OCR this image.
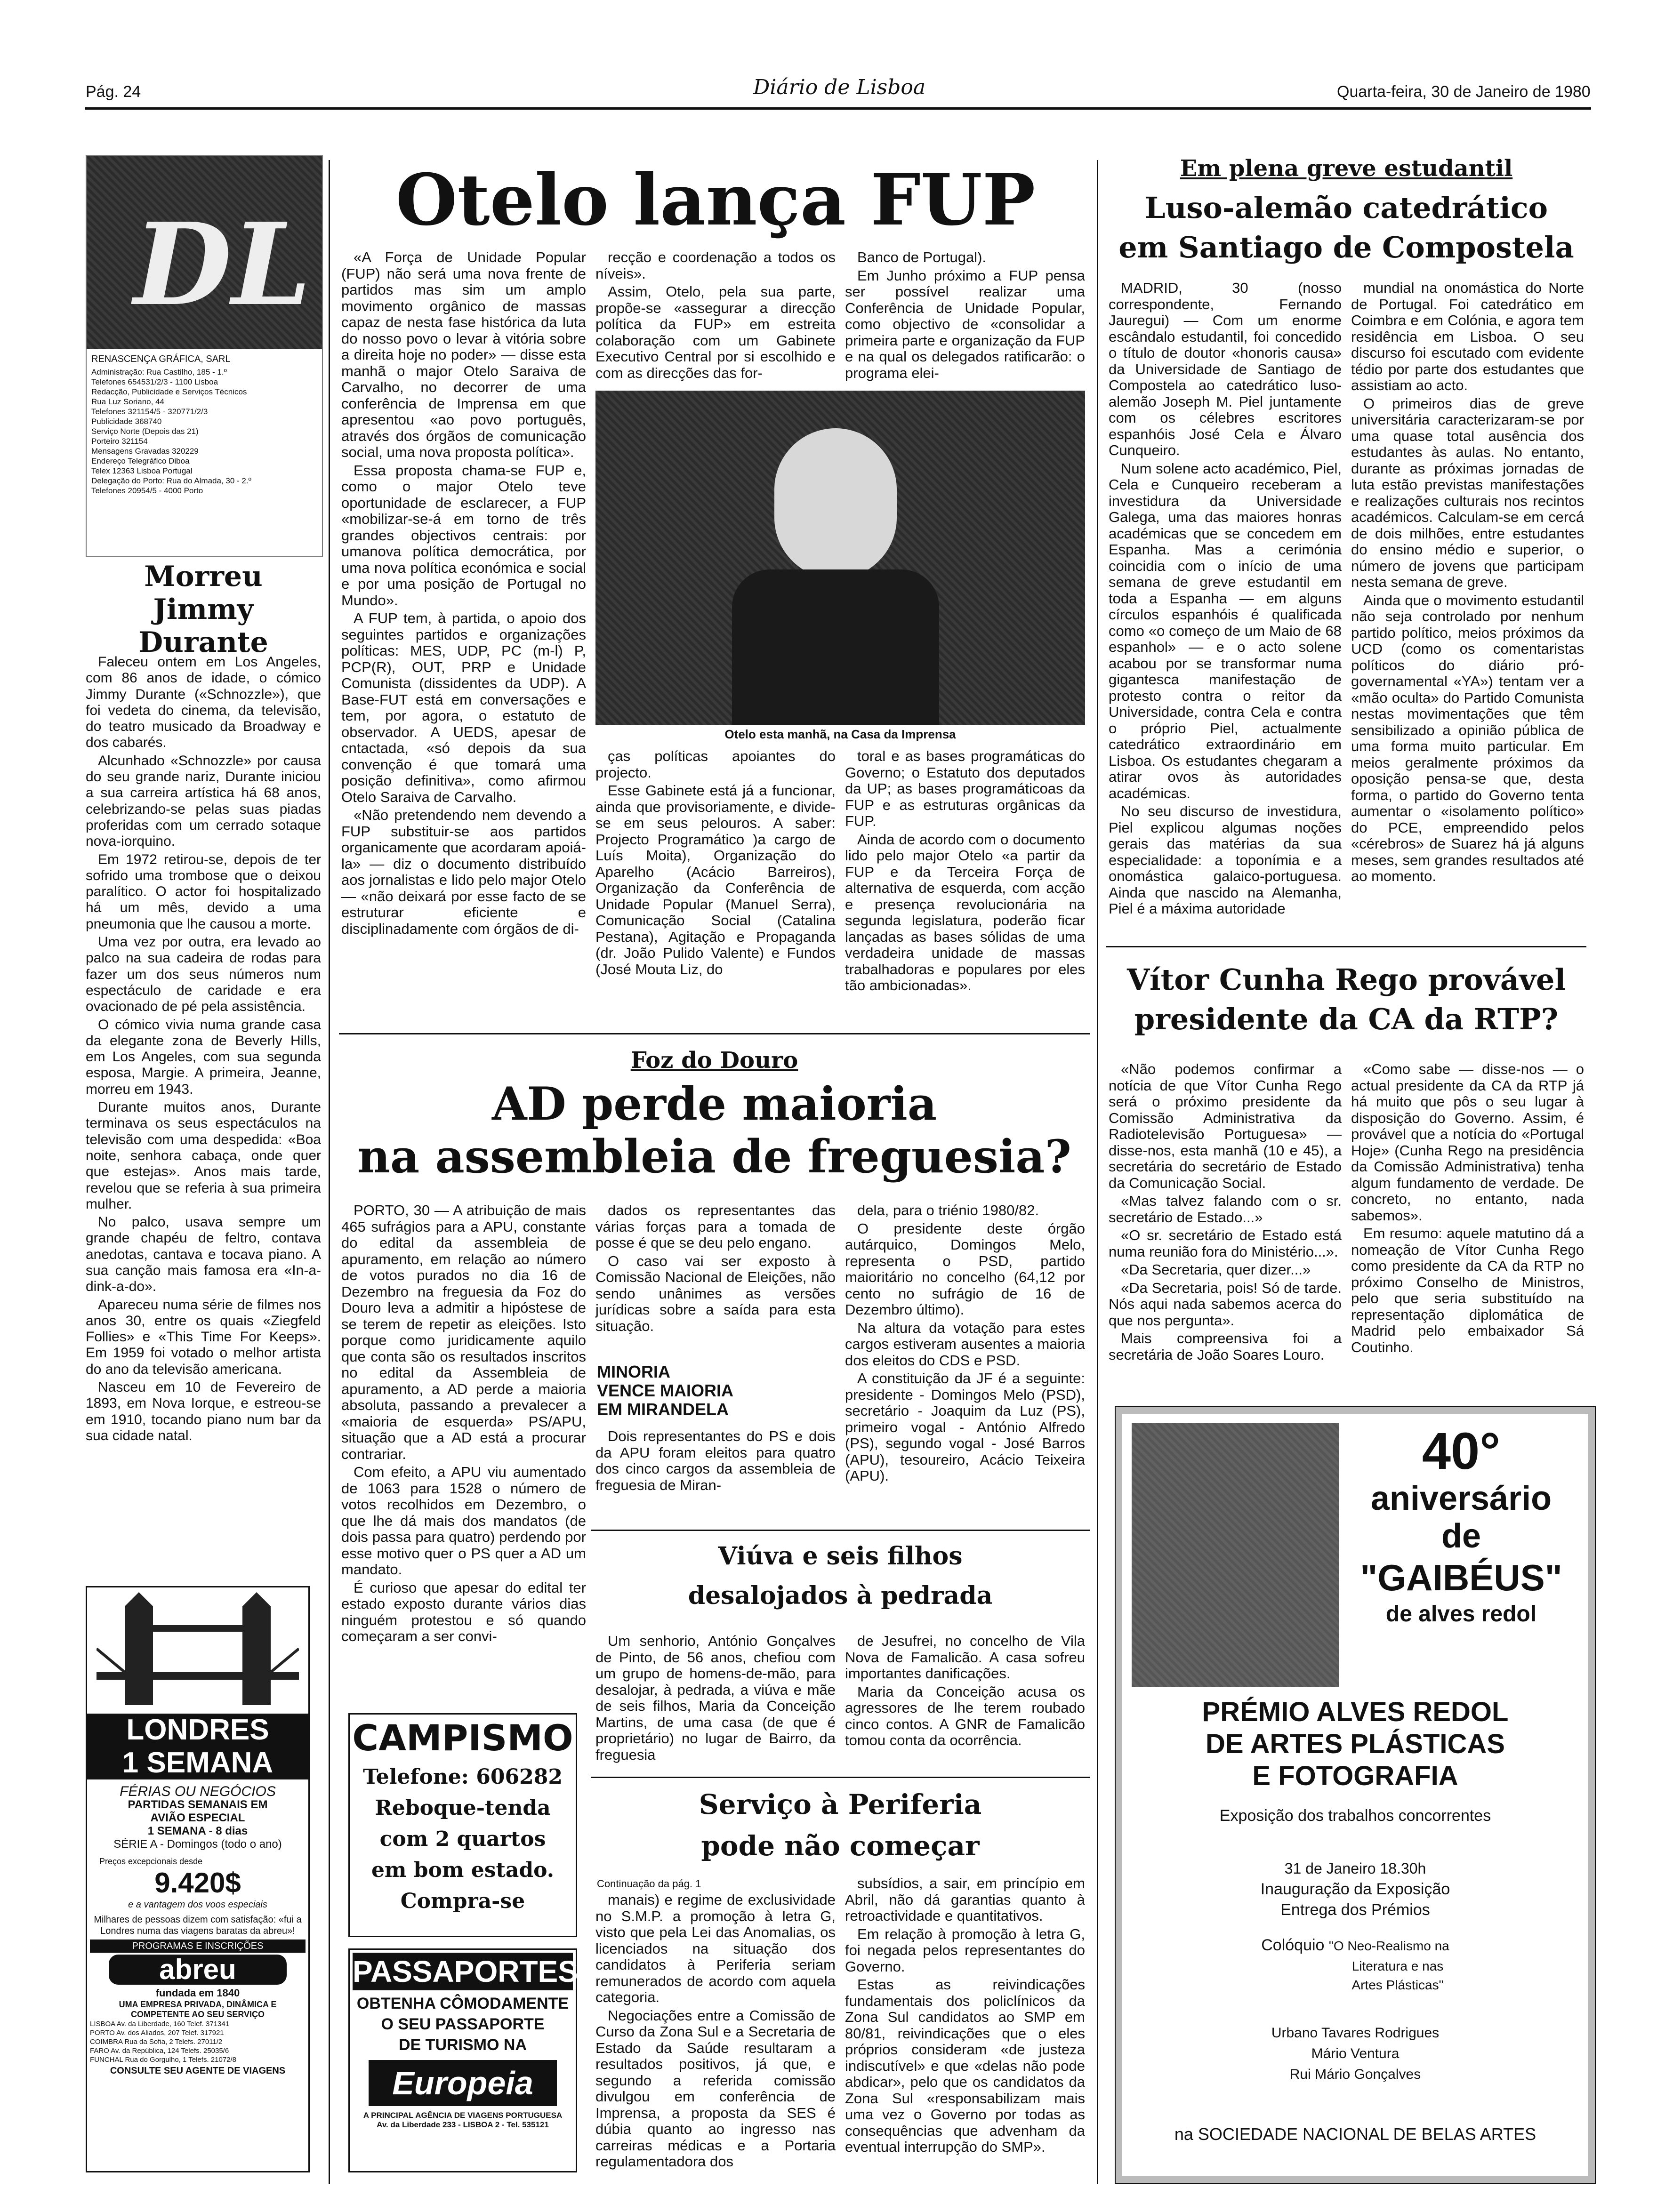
Pág. 24	Diário de Lisboa	Quarta-feira, 30 de Janeiro de 1980
DL
RENASCENÇA GRÁFICA, SARL
Administração: Rua Castilho, 185 - 1.º
Telefones 654531/2/3 - 1100 Lisboa
Redacção, Publicidade e Serviços Técnicos
Rua Luz Soriano, 44
Telefones 321154/5 - 320771/2/3
Publicidade 368740
Serviço Norte (Depois das 21)
Porteiro 321154
Mensagens Gravadas 320229
Endereço Telegráfico Diboa
Telex 12363 Lisboa Portugal
Delegação do Porto: Rua do Almada, 30 - 2.º
Telefones 20954/5 - 4000 Porto
Morreu
Jimmy Durante

Faleceu ontem em Los Angeles, com 86 anos de idade, o cómico Jimmy Durante («Schnozzle»), que foi vedeta do cinema, da televisão, do teatro musicado da Broadway e dos cabarés.

Alcunhado «Schnozzle» por causa do seu grande nariz, Durante iniciou a sua carreira artística há 68 anos, celebrizando-se pelas suas piadas proferidas com um cerrado sotaque nova-iorquino.

Em 1972 retirou-se, depois de ter sofrido uma trombose que o deixou paralítico. O actor foi hospitalizado há um mês, devido a uma pneumonia que lhe causou a morte.

Uma vez por outra, era levado ao palco na sua cadeira de rodas para fazer um dos seus números num espectáculo de caridade e era ovacionado de pé pela assistência.

O cómico vivia numa grande casa da elegante zona de Beverly Hills, em Los Angeles, com sua segunda esposa, Margie. A primeira, Jeanne, morreu em 1943.

Durante muitos anos, Durante terminava os seus espectáculos na televisão com uma despedida: «Boa noite, senhora cabaça, onde quer que estejas». Anos mais tarde, revelou que se referia à sua primeira mulher.

No palco, usava sempre um grande chapéu de feltro, contava anedotas, cantava e tocava piano. A sua canção mais famosa era «In-a-dink-a-do».

Apareceu numa série de filmes nos anos 30, entre os quais «Ziegfeld Follies» e «This Time For Keeps». Em 1959 foi votado o melhor artista do ano da televisão americana.

Nasceu em 10 de Fevereiro de 1893, em Nova Iorque, e estreou-se em 1910, tocando piano num bar da sua cidade natal.

LONDRES
1 SEMANA
FÉRIAS OU NEGÓCIOS
PARTIDAS SEMANAIS EM
AVIÃO ESPECIAL
1 SEMANA - 8 dias
SÉRIE A - Domingos (todo o ano)
Preços excepcionais desde
9.420$
e a vantagem dos voos especiais
Milhares de pessoas dizem com satisfação: «fui a Londres numa das viagens baratas da abreu»!
PROGRAMAS E INSCRIÇÕES
abreu
fundada em 1840
UMA EMPRESA PRIVADA, DINÂMICA E COMPETENTE AO SEU SERVIÇO
LISBOA Av. da Liberdade, 160 Telef. 371341
PORTO Av. dos Aliados, 207 Telef. 317921
COIMBRA Rua da Sofia, 2 Telefs. 27011/2
FARO Av. da República, 124 Telefs. 25035/6
FUNCHAL Rua do Gorgulho, 1 Telefs. 21072/8
CONSULTE SEU AGENTE DE VIAGENS
Otelo lança FUP

«A Força de Unidade Popular (FUP) não será uma nova frente de partidos mas sim um amplo movimento orgânico de massas capaz de nesta fase histórica da luta do nosso povo o levar à vitória sobre a direita hoje no poder» — disse esta manhã o major Otelo Saraiva de Carvalho, no decorrer de uma conferência de Imprensa em que apresentou «ao povo português, através dos órgãos de comunicação social, uma nova proposta política».

Essa proposta chama-se FUP e, como o major Otelo teve oportunidade de esclarecer, a FUP «mobilizar-se-á em torno de três grandes objectivos centrais: por umanova política democrática, por uma nova política económica e social e por uma posição de Portugal no Mundo».

A FUP tem, à partida, o apoio dos seguintes partidos e organizações políticas: MES, UDP, PC (m-l) P, PCP(R), OUT, PRP e Unidade Comunista (dissidentes da UDP). A Base-FUT está em conversações e tem, por agora, o estatuto de observador. A UEDS, apesar de cntactada, «só depois da sua convenção é que tomará uma posição definitiva», como afirmou Otelo Saraiva de Carvalho.

«Não pretendendo nem devendo a FUP substituir-se aos partidos organicamente que acordaram apoiá-la» — diz o documento distribuído aos jornalistas e lido pelo major Otelo — «não deixará por esse facto de se estruturar eficiente e disciplinadamente com órgãos de di-

recção e coordenação a todos os níveis».

Assim, Otelo, pela sua parte, propõe-se «assegurar a direcção política da FUP» em estreita colaboração com um Gabinete Executivo Central por si escolhido e com as direcções das for-

Banco de Portugal).

Em Junho próximo a FUP pensa ser possível realizar uma Conferência de Unidade Popular, como objectivo de «consolidar a primeira parte e organização da FUP e na qual os delegados ratificarão: o programa elei-

Otelo esta manhã, na Casa da Imprensa

ças políticas apoiantes do projecto.

Esse Gabinete está já a funcionar, ainda que provisoriamente, e divide-se em seus pelouros. A saber: Projecto Programático )a cargo de Luís Moita), Organização do Aparelho (Acácio Barreiros), Organização da Conferência de Unidade Popular (Manuel Serra), Comunicação Social (Catalina Pestana), Agitação e Propaganda (dr. João Pulido Valente) e Fundos (José Mouta Liz, do

toral e as bases programáticas do Governo; o Estatuto dos deputados da UP; as bases programáticoas da FUP e as estruturas orgânicas da FUP.

Ainda de acordo com o documento lido pelo major Otelo «a partir da FUP e da Terceira Força de alternativa de esquerda, com acção e presença revolucionária na segunda legislatura, poderão ficar lançadas as bases sólidas de uma verdadeira unidade de massas trabalhadoras e populares por eles tão ambicionadas».

Foz do Douro
AD perde maioria
na assembleia de freguesia?

PORTO, 30 — A atribuição de mais 465 sufrágios para a APU, constante do edital da assembleia de apuramento, em relação ao número de votos purados no dia 16 de Dezembro na freguesia da Foz do Douro leva a admitir a hipóstese de se terem de repetir as eleições. Isto porque como juridicamente aquilo que conta são os resultados inscritos no edital da Assembleia de apuramento, a AD perde a maioria absoluta, passando a prevalecer a «maioria de esquerda» PS/APU, situação que a AD está a procurar contrariar.

Com efeito, a APU viu aumentado de 1063 para 1528 o número de votos recolhidos em Dezembro, o que lhe dá mais dos mandatos (de dois passa para quatro) perdendo por esse motivo quer o PS quer a AD um mandato.

É curioso que apesar do edital ter estado exposto durante vários dias ninguém protestou e só quando começaram a ser convi-

dados os representantes das várias forças para a tomada de posse é que se deu pelo engano.

O caso vai ser exposto à Comissão Nacional de Eleições, não sendo unânimes as versões jurídicas sobre a saída para esta situação.

MINORIA
VENCE MAIORIA
EM MIRANDELA

Dois representantes do PS e dois da APU foram eleitos para quatro dos cinco cargos da assembleia de freguesia de Miran-

dela, para o triénio 1980/82.

O presidente deste órgão autárquico, Domingos Melo, representa o PSD, partido maioritário no concelho (64,12 por cento no sufrágio de 16 de Dezembro último).

Na altura da votação para estes cargos estiveram ausentes a maioria dos eleitos do CDS e PSD.

A constituição da JF é a seguinte: presidente - Domingos Melo (PSD), secretário - Joaquim da Luz (PS), primeiro vogal - António Alfredo (PS), segundo vogal - José Barros (APU), tesoureiro, Acácio Teixeira (APU).

Viúva e seis filhos
desalojados à pedrada

Um senhorio, António Gonçalves de Pinto, de 56 anos, chefiou com um grupo de homens-de-mão, para desalojar, à pedrada, a viúva e mãe de seis filhos, Maria da Conceição Martins, de uma casa (de que é proprietário) no lugar de Bairro, da freguesia

de Jesufrei, no concelho de Vila Nova de Famalicão. A casa sofreu importantes danificações.

Maria da Conceição acusa os agressores de lhe terem roubado cinco contos. A GNR de Famalicão tomou conta da ocorrência.

Serviço à Periferia
pode não começar
Continuação da pág. 1

manais) e regime de exclusividade no S.M.P. a promoção à letra G, visto que pela Lei das Anomalias, os licenciados na situação dos candidatos à Periferia seriam remunerados de acordo com aquela categoria.

Negociações entre a Comissão de Curso da Zona Sul e a Secretaria de Estado da Saúde resultaram a resultados positivos, já que, e segundo a referida comissão divulgou em conferência de Imprensa, a proposta da SES é dúbia quanto ao ingresso nas carreiras médicas e a Portaria regulamentadora dos

subsídios, a sair, em princípio em Abril, não dá garantias quanto à retroactividade e quantitativos.

Em relação à promoção à letra G, foi negada pelos representantes do Governo.

Estas as reivindicações fundamentais dos policlínicos da Zona Sul candidatos ao SMP em 80/81, reivindicações que o eles próprios consideram «de justeza indiscutível» e que «delas não pode abdicar», pelo que os candidatos da Zona Sul «responsabilizam mais uma vez o Governo por todas as consequências que advenham da eventual interrupção do SMP».

CAMPISMO
Telefone: 606282
Reboque-tenda
com 2 quartos
em bom estado.
Compra-se
PASSAPORTES
OBTENHA CÔMODAMENTE
O SEU PASSAPORTE
DE TURISMO NA
Europeia
A PRINCIPAL AGÊNCIA DE VIAGENS PORTUGUESA
Av. da Liberdade 233 - LISBOA 2 - Tel. 535121
Em plena greve estudantil
Luso-alemão catedrático
em Santiago de Compostela

MADRID, 30 (nosso correspondente, Fernando Jauregui) — Com um enorme escândalo estudantil, foi concedido o título de doutor «honoris causa» da Universidade de Santiago de Compostela ao catedrático luso-alemão Joseph M. Piel juntamente com os célebres escritores espanhóis José Cela e Álvaro Cunqueiro.

Num solene acto académico, Piel, Cela e Cunqueiro receberam a investidura da Universidade Galega, uma das maiores honras académicas que se concedem em Espanha. Mas a cerimónia coincidia com o início de uma semana de greve estudantil em toda a Espanha — em alguns círculos espanhóis é qualificada como «o começo de um Maio de 68 espanhol» — e o acto solene acabou por se transformar numa gigantesca manifestação de protesto contra o reitor da Universidade, contra Cela e contra o próprio Piel, actualmente catedrático extraordinário em Lisboa. Os estudantes chegaram a atirar ovos às autoridades académicas.

No seu discurso de investidura, Piel explicou algumas noções gerais das matérias da sua especialidade: a toponímia e a onomástica galaico-portuguesa. Ainda que nascido na Alemanha, Piel é a máxima autoridade

mundial na onomástica do Norte de Portugal. Foi catedrático em Coimbra e em Colónia, e agora tem residência em Lisboa. O seu discurso foi escutado com evidente tédio por parte dos estudantes que assistiam ao acto.

O primeiros dias de greve universitária caracterizaram-se por uma quase total ausência dos estudantes às aulas. No entanto, durante as próximas jornadas de luta estão previstas manifestações e realizações culturais nos recintos académicos. Calculam-se em cercá de dois milhões, entre estudantes do ensino médio e superior, o número de jovens que participam nesta semana de greve.

Ainda que o movimento estudantil não seja controlado por nenhum partido político, meios próximos da UCD (como os comentaristas políticos do diário pró-governamental «YA») tentam ver a «mão oculta» do Partido Comunista nestas movimentações que têm sensibilizado a opinião pública de uma forma muito particular. Em meios geralmente próximos da oposição pensa-se que, desta forma, o partido do Governo tenta aumentar o «isolamento político» do PCE, empreendido pelos «cérebros» de Suarez há já alguns meses, sem grandes resultados até ao momento.

Vítor Cunha Rego provável
presidente da CA da RTP?

«Não podemos confirmar a notícia de que Vítor Cunha Rego será o próximo presidente da Comissão Administrativa da Radiotelevisão Portuguesa» — disse-nos, esta manhã (10 e 45), a secretária do secretário de Estado da Comunicação Social.

«Mas talvez falando com o sr. secretário de Estado...»

«O sr. secretário de Estado está numa reunião fora do Ministério...».

«Da Secretaria, quer dizer...»

«Da Secretaria, pois! Só de tarde. Nós aqui nada sabemos acerca do que nos pergunta».

Mais compreensiva foi a secretária de João Soares Louro.

«Como sabe — disse-nos — o actual presidente da CA da RTP já há muito que pôs o seu lugar à disposição do Governo. Assim, é provável que a notícia do «Portugal Hoje» (Cunha Rego na presidência da Comissão Administrativa) tenha algum fundamento de verdade. De concreto, no entanto, nada sabemos».

Em resumo: aquele matutino dá a nomeação de Vítor Cunha Rego como presidente da CA da RTP no próximo Conselho de Ministros, pelo que seria substituído na representação diplomática de Madrid pelo embaixador Sá Coutinho.

40°
aniversário
de
"GAIBÉUS"
de alves redol
PRÉMIO ALVES REDOL
DE ARTES PLÁSTICAS
E FOTOGRAFIA
Exposição dos trabalhos concorrentes
31 de Janeiro 18.30h
Inauguração da Exposição
Entrega dos Prémios
Colóquio "O Neo-Realismo na
Literatura e nas
Artes Plásticas"
Urbano Tavares Rodrigues
Mário Ventura
Rui Mário Gonçalves
na SOCIEDADE NACIONAL DE BELAS ARTES
